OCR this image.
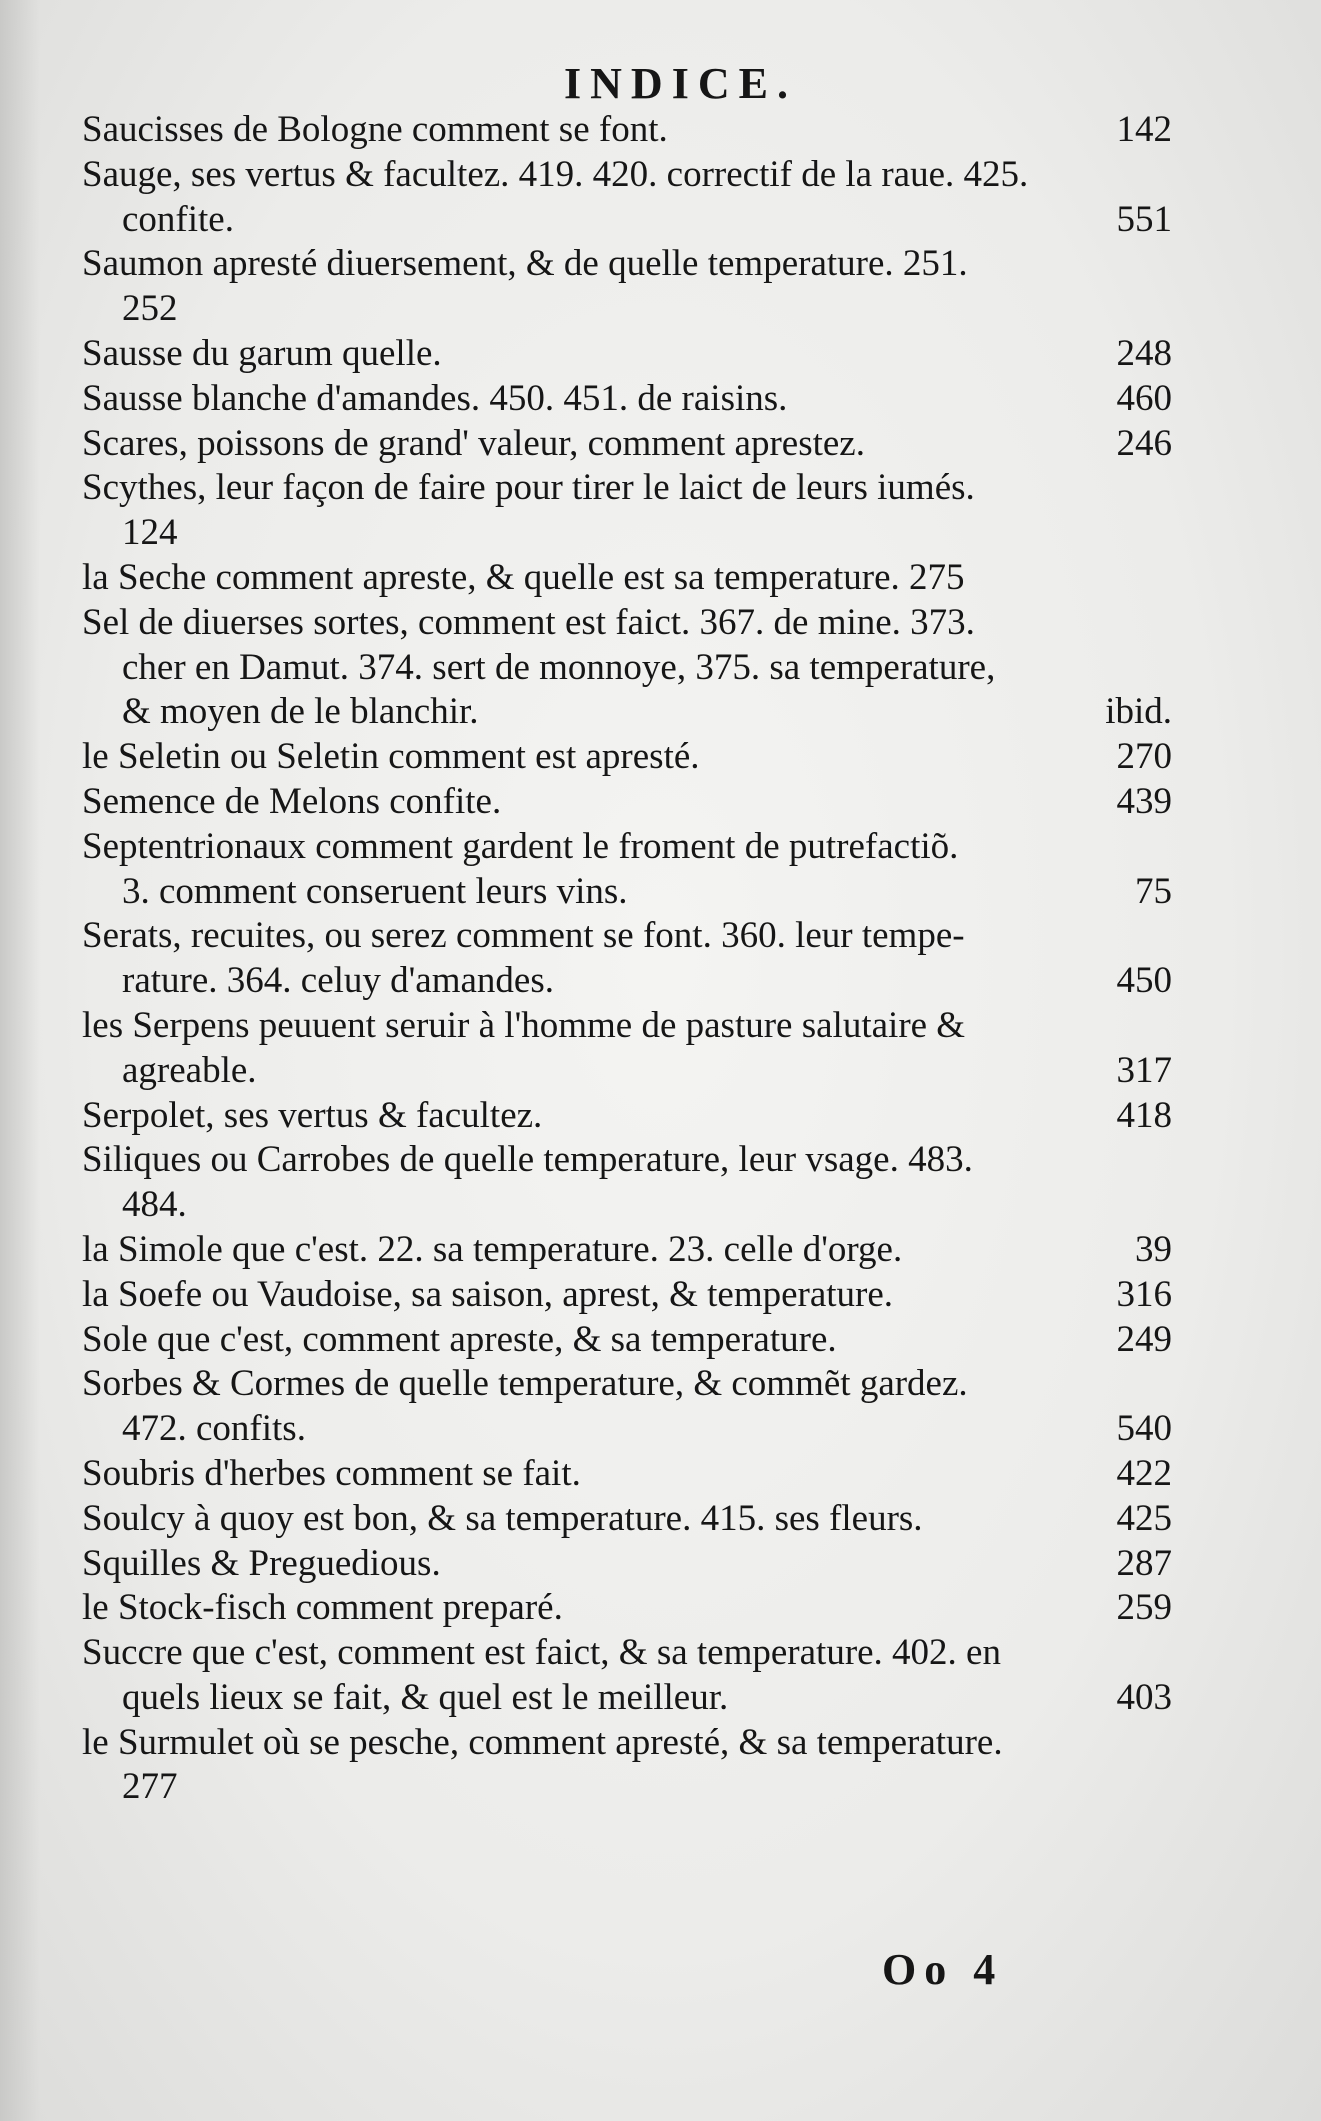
INDICE.
Saucisses de Bologne comment se font.	142
Sauge, ses vertus & facultez. 419. 420. correctif de la raue. 425.
confite.	551
Saumon apresté diuersement, & de quelle temperature. 251.
252
Sausse du garum quelle.	248
Sausse blanche d'amandes. 450. 451. de raisins.	460
Scares, poissons de grand' valeur, comment aprestez.	246
Scythes, leur façon de faire pour tirer le laict de leurs iumés.
124
la Seche comment apreste, & quelle est sa temperature. 275
Sel de diuerses sortes, comment est faict. 367. de mine. 373.
cher en Damut. 374. sert de monnoye, 375. sa temperature,
& moyen de le blanchir.	ibid.
le Seletin ou Seletin comment est apresté.	270
Semence de Melons confite.	439
Septentrionaux comment gardent le froment de putrefactiõ.
3. comment conseruent leurs vins.	75
Serats, recuites, ou serez comment se font. 360. leur tempe-
rature. 364. celuy d'amandes.	450
les Serpens peuuent seruir à l'homme de pasture salutaire &
agreable.	317
Serpolet, ses vertus & facultez.	418
Siliques ou Carrobes de quelle temperature, leur vsage. 483.
484.
la Simole que c'est. 22. sa temperature. 23. celle d'orge.	39
la Soefe ou Vaudoise, sa saison, aprest, & temperature.	316
Sole que c'est, comment apreste, & sa temperature.	249
Sorbes & Cormes de quelle temperature, & commẽt gardez.
472. confits.	540
Soubris d'herbes comment se fait.	422
Soulcy à quoy est bon, & sa temperature. 415. ses fleurs.	425
Squilles & Preguedious.	287
le Stock-fisch comment preparé.	259
Succre que c'est, comment est faict, & sa temperature. 402. en
quels lieux se fait, & quel est le meilleur.	403
le Surmulet où se pesche, comment apresté, & sa temperature.
277
Oo 4
